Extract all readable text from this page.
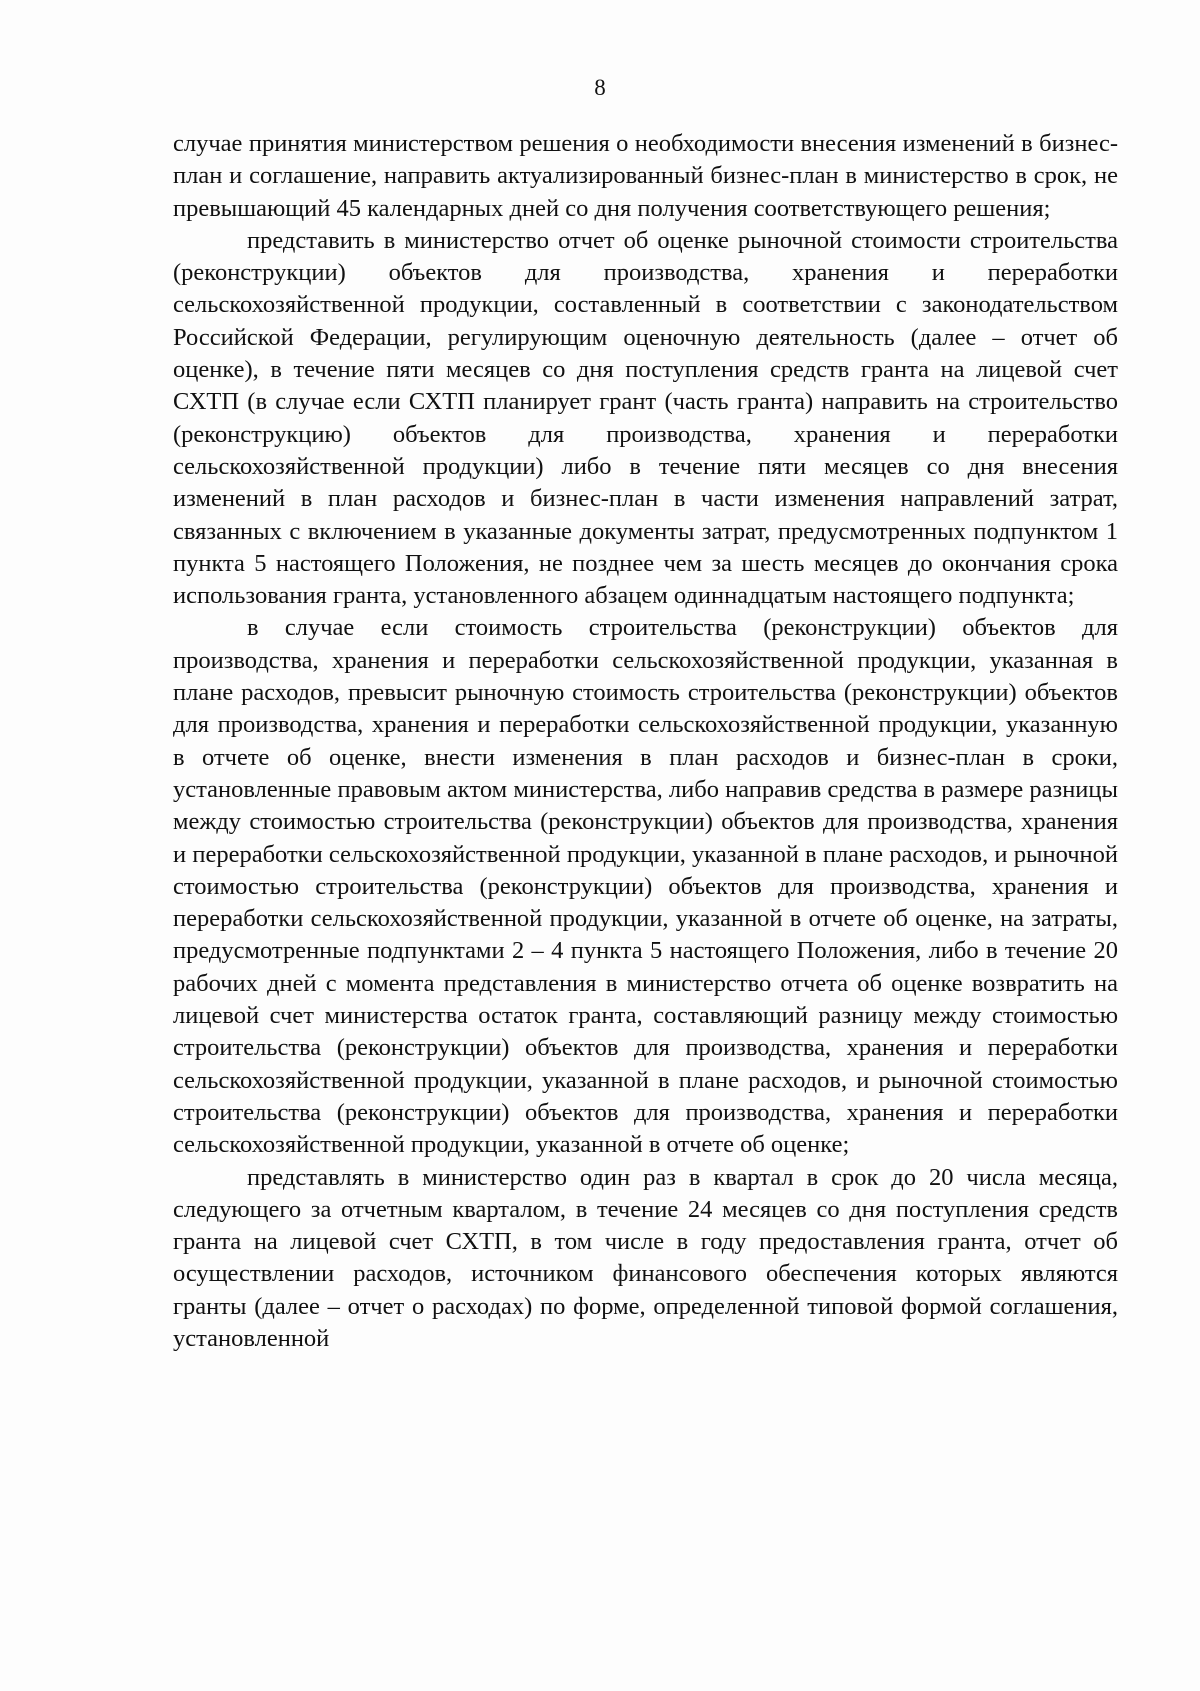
8

случае принятия министерством решения о необходимости внесения изменений в бизнес-план и соглашение, направить актуализированный бизнес-план в министерство в срок, не превышающий 45 календарных дней со дня получения соответствующего решения;

представить в министерство отчет об оценке рыночной стоимости строительства (реконструкции) объектов для производства, хранения и переработки сельскохозяйственной продукции, составленный в соответствии с законодательством Российской Федерации, регулирующим оценочную деятельность (далее – отчет об оценке), в течение пяти месяцев со дня поступления средств гранта на лицевой счет СХТП (в случае если СХТП планирует грант (часть гранта) направить на строительство (реконструкцию) объектов для производства, хранения и переработки сельскохозяйственной продукции) либо в течение пяти месяцев со дня внесения изменений в план расходов и бизнес-план в части изменения направлений затрат, связанных с включением в указанные документы затрат, предусмотренных подпунктом 1 пункта 5 настоящего Положения, не позднее чем за шесть месяцев до окончания срока использования гранта, установленного абзацем одиннадцатым настоящего подпункта;

в случае если стоимость строительства (реконструкции) объектов для производства, хранения и переработки сельскохозяйственной продукции, указанная в плане расходов, превысит рыночную стоимость строительства (реконструкции) объектов для производства, хранения и переработки сельскохозяйственной продукции, указанную в отчете об оценке, внести изменения в план расходов и бизнес-план в сроки, установленные правовым актом министерства, либо направив средства в размере разницы между стоимостью строительства (реконструкции) объектов для производства, хранения и переработки сельскохозяйственной продукции, указанной в плане расходов, и рыночной стоимостью строительства (реконструкции) объектов для производства, хранения и переработки сельскохозяйственной продукции, указанной в отчете об оценке, на затраты, предусмотренные подпунктами 2 – 4 пункта 5 настоящего Положения, либо в течение 20 рабочих дней с момента представления в министерство отчета об оценке возвратить на лицевой счет министерства остаток гранта, составляющий разницу между стоимостью строительства (реконструкции) объектов для производства, хранения и переработки сельскохозяйственной продукции, указанной в плане расходов, и рыночной стоимостью строительства (реконструкции) объектов для производства, хранения и переработки сельскохозяйственной продукции, указанной в отчете об оценке;

представлять в министерство один раз в квартал в срок до 20 числа месяца, следующего за отчетным кварталом, в течение 24 месяцев со дня поступления средств гранта на лицевой счет СХТП, в том числе в году предоставления гранта, отчет об осуществлении расходов, источником финансового обеспечения которых являются гранты (далее – отчет о расходах) по форме, определенной типовой формой соглашения, установленной
